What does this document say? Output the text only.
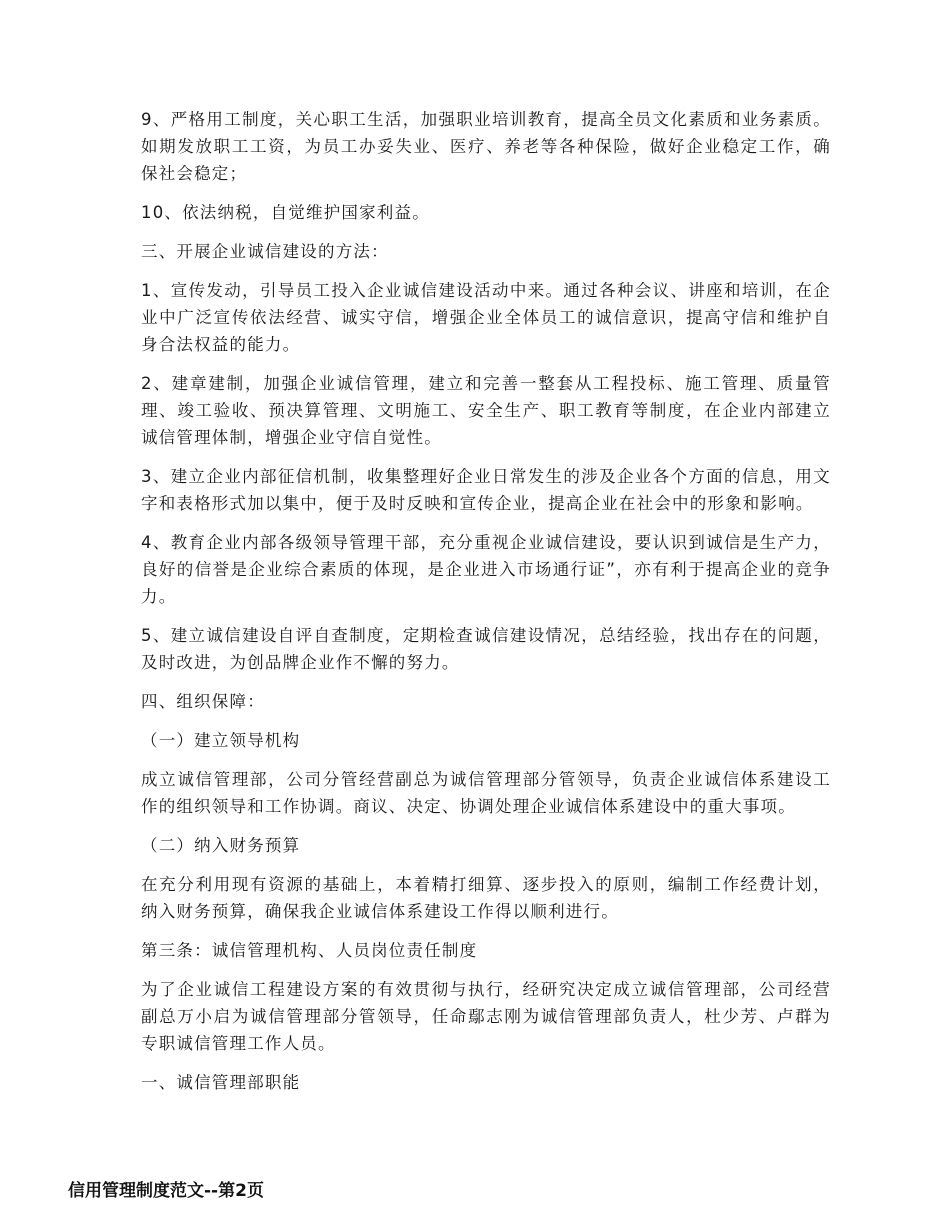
9、严格用工制度，关心职工生活，加强职业培训教育，提高全员文化素质和业务素质。如期发放职工工资，为员工办妥失业、医疗、养老等各种保险，做好企业稳定工作，确保社会稳定；

10、依法纳税，自觉维护国家利益。

三、开展企业诚信建设的方法：

1、宣传发动，引导员工投入企业诚信建设活动中来。通过各种会议、讲座和培训，在企业中广泛宣传依法经营、诚实守信，增强企业全体员工的诚信意识，提高守信和维护自身合法权益的能力。

2、建章建制，加强企业诚信管理，建立和完善一整套从工程投标、施工管理、质量管理、竣工验收、预决算管理、文明施工、安全生产、职工教育等制度，在企业内部建立诚信管理体制，增强企业守信自觉性。

3、建立企业内部征信机制，收集整理好企业日常发生的涉及企业各个方面的信息，用文字和表格形式加以集中，便于及时反映和宣传企业，提高企业在社会中的形象和影响。

4、教育企业内部各级领导管理干部，充分重视企业诚信建设，要认识到诚信是生产力，良好的信誉是企业综合素质的体现，是企业进入市场通行证”，亦有利于提高企业的竞争力。

5、建立诚信建设自评自查制度，定期检查诚信建设情况，总结经验，找出存在的问题，及时改进，为创品牌企业作不懈的努力。

四、组织保障：

（一）建立领导机构

成立诚信管理部，公司分管经营副总为诚信管理部分管领导，负责企业诚信体系建设工作的组织领导和工作协调。商议、决定、协调处理企业诚信体系建设中的重大事项。

（二）纳入财务预算

在充分利用现有资源的基础上，本着精打细算、逐步投入的原则，编制工作经费计划，纳入财务预算，确保我企业诚信体系建设工作得以顺利进行。

第三条：诚信管理机构、人员岗位责任制度

为了企业诚信工程建设方案的有效贯彻与执行，经研究决定成立诚信管理部，公司经营副总万小启为诚信管理部分管领导，任命鄢志刚为诚信管理部负责人，杜少芳、卢群为专职诚信管理工作人员。

一、诚信管理部职能

信用管理制度范文--第2页
